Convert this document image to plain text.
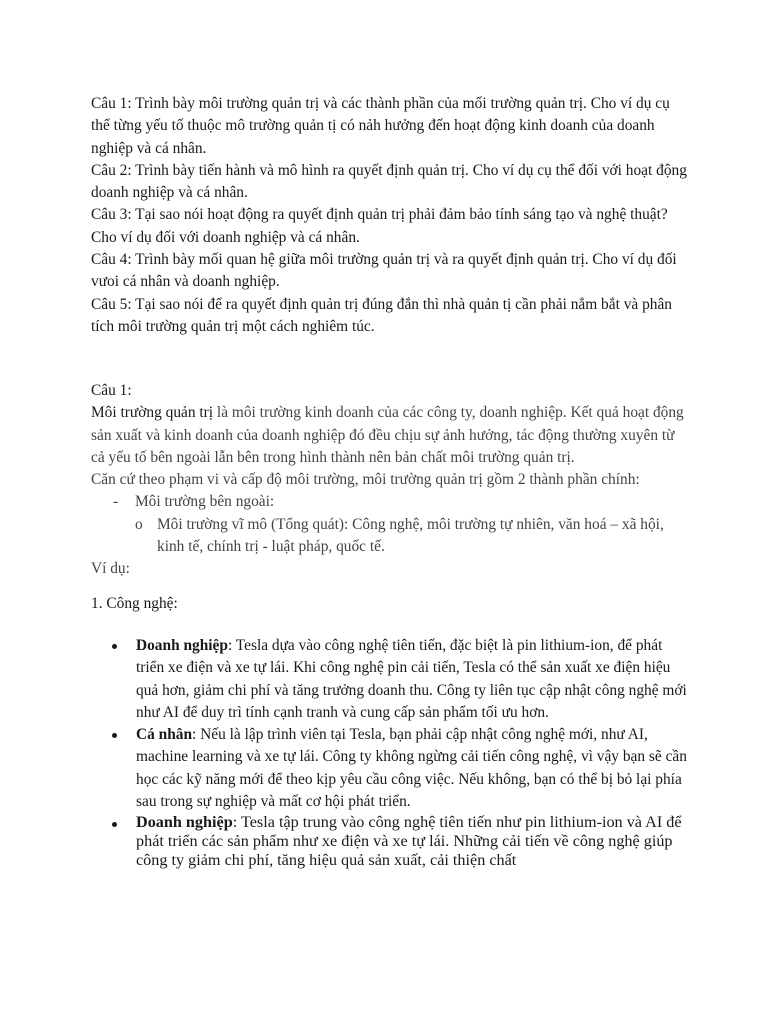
Câu 1: Trình bày môi trường quản trị và các thành phần của mối trường quản trị. Cho ví dụ cụ thể từng yếu tố thuộc mô trường quản tị có nảh hưởng đến hoạt động kinh doanh của doanh nghiệp và cá nhân.

Câu 2: Trình bày tiến hành và mô hình ra quyết định quản trị. Cho ví dụ cụ thể đối với hoạt động doanh nghiệp và cá nhân.

Câu 3: Tại sao nói hoạt động ra quyết định quản trị phải đảm bảo tính sáng tạo và nghệ thuật? Cho ví dụ đối với doanh nghiệp và cá nhân.

Câu 4: Trình bày mối quan hệ giữa môi trường quản trị và ra quyết định quản trị. Cho ví dụ đối vưoi cá nhân và doanh nghiệp.

Câu 5: Tại sao nói để ra quyết định quản trị đúng đắn thì nhà quản tị cần phải nắm bắt và phân tích môi trường quản trị một cách nghiêm túc.

Câu 1:

Môi trường quản trị là môi trường kinh doanh của các công ty, doanh nghiệp. Kết quả hoạt động sản xuất và kinh doanh của doanh nghiệp đó đều chịu sự ảnh hưởng, tác động thường xuyên từ cả yếu tố bên ngoài lẫn bên trong hình thành nên bản chất môi trường quản trị.

Căn cứ theo phạm vi và cấp độ môi trường, môi trường quản trị gồm 2 thành phần chính:

- Môi trường bên ngoài:

o Môi trường vĩ mô (Tổng quát): Công nghệ, môi trường tự nhiên, văn hoá – xã hội, kinh tế, chính trị - luật pháp, quốc tế.

Ví dụ:

1. Công nghệ:

Doanh nghiệp: Tesla dựa vào công nghệ tiên tiến, đặc biệt là pin lithium-ion, để phát triển xe điện và xe tự lái. Khi công nghệ pin cải tiến, Tesla có thể sản xuất xe điện hiệu quả hơn, giảm chi phí và tăng trưởng doanh thu. Công ty liên tục cập nhật công nghệ mới như AI để duy trì tính cạnh tranh và cung cấp sản phẩm tối ưu hơn.
Cá nhân: Nếu là lập trình viên tại Tesla, bạn phải cập nhật công nghệ mới, như AI, machine learning và xe tự lái. Công ty không ngừng cải tiến công nghệ, vì vậy bạn sẽ cần học các kỹ năng mới để theo kịp yêu cầu công việc. Nếu không, bạn có thể bị bỏ lại phía sau trong sự nghiệp và mất cơ hội phát triển.
Doanh nghiệp: Tesla tập trung vào công nghệ tiên tiến như pin lithium-ion và AI để phát triển các sản phẩm như xe điện và xe tự lái. Những cải tiến về công nghệ giúp công ty giảm chi phí, tăng hiệu quả sản xuất, cải thiện chất
